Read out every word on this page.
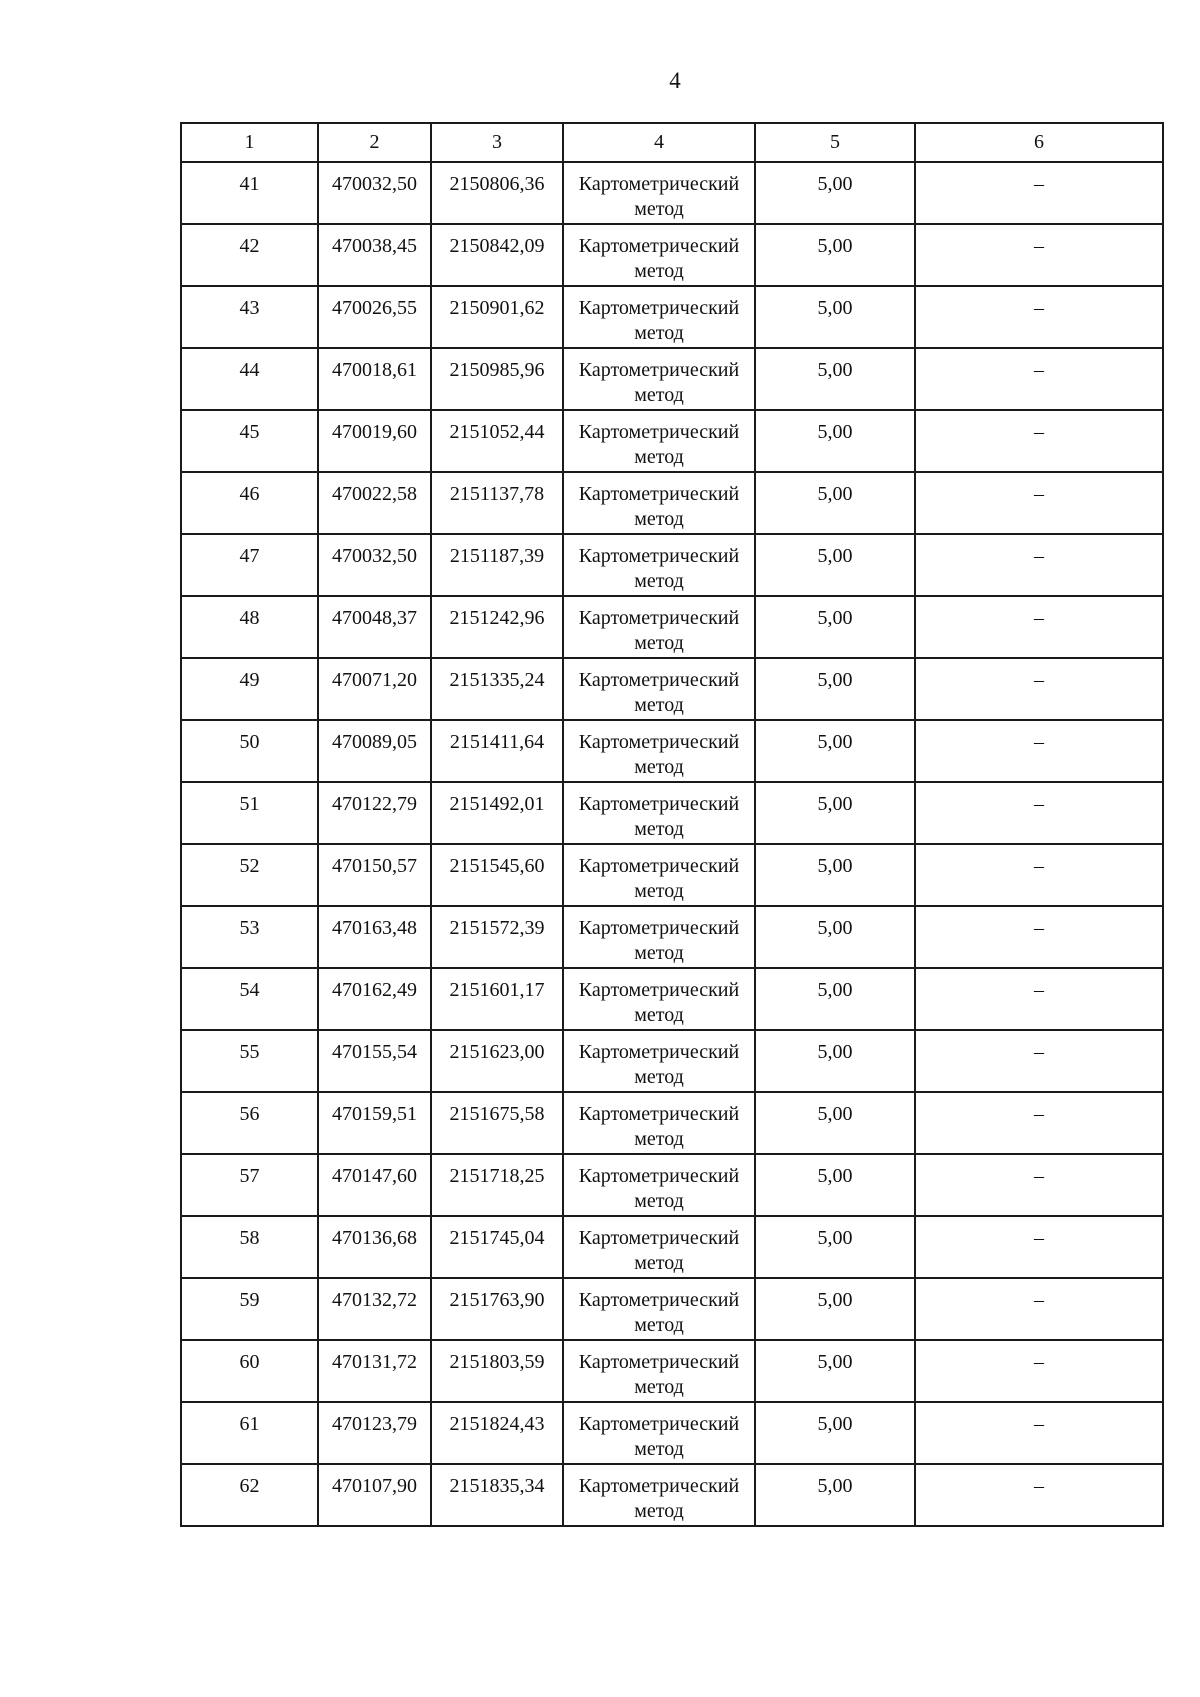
4
1	2	3	4	5	6
41	470032,50	2150806,36	Картометрический метод	5,00	–
42	470038,45	2150842,09	Картометрический метод	5,00	–
43	470026,55	2150901,62	Картометрический метод	5,00	–
44	470018,61	2150985,96	Картометрический метод	5,00	–
45	470019,60	2151052,44	Картометрический метод	5,00	–
46	470022,58	2151137,78	Картометрический метод	5,00	–
47	470032,50	2151187,39	Картометрический метод	5,00	–
48	470048,37	2151242,96	Картометрический метод	5,00	–
49	470071,20	2151335,24	Картометрический метод	5,00	–
50	470089,05	2151411,64	Картометрический метод	5,00	–
51	470122,79	2151492,01	Картометрический метод	5,00	–
52	470150,57	2151545,60	Картометрический метод	5,00	–
53	470163,48	2151572,39	Картометрический метод	5,00	–
54	470162,49	2151601,17	Картометрический метод	5,00	–
55	470155,54	2151623,00	Картометрический метод	5,00	–
56	470159,51	2151675,58	Картометрический метод	5,00	–
57	470147,60	2151718,25	Картометрический метод	5,00	–
58	470136,68	2151745,04	Картометрический метод	5,00	–
59	470132,72	2151763,90	Картометрический метод	5,00	–
60	470131,72	2151803,59	Картометрический метод	5,00	–
61	470123,79	2151824,43	Картометрический метод	5,00	–
62	470107,90	2151835,34	Картометрический метод	5,00	–
